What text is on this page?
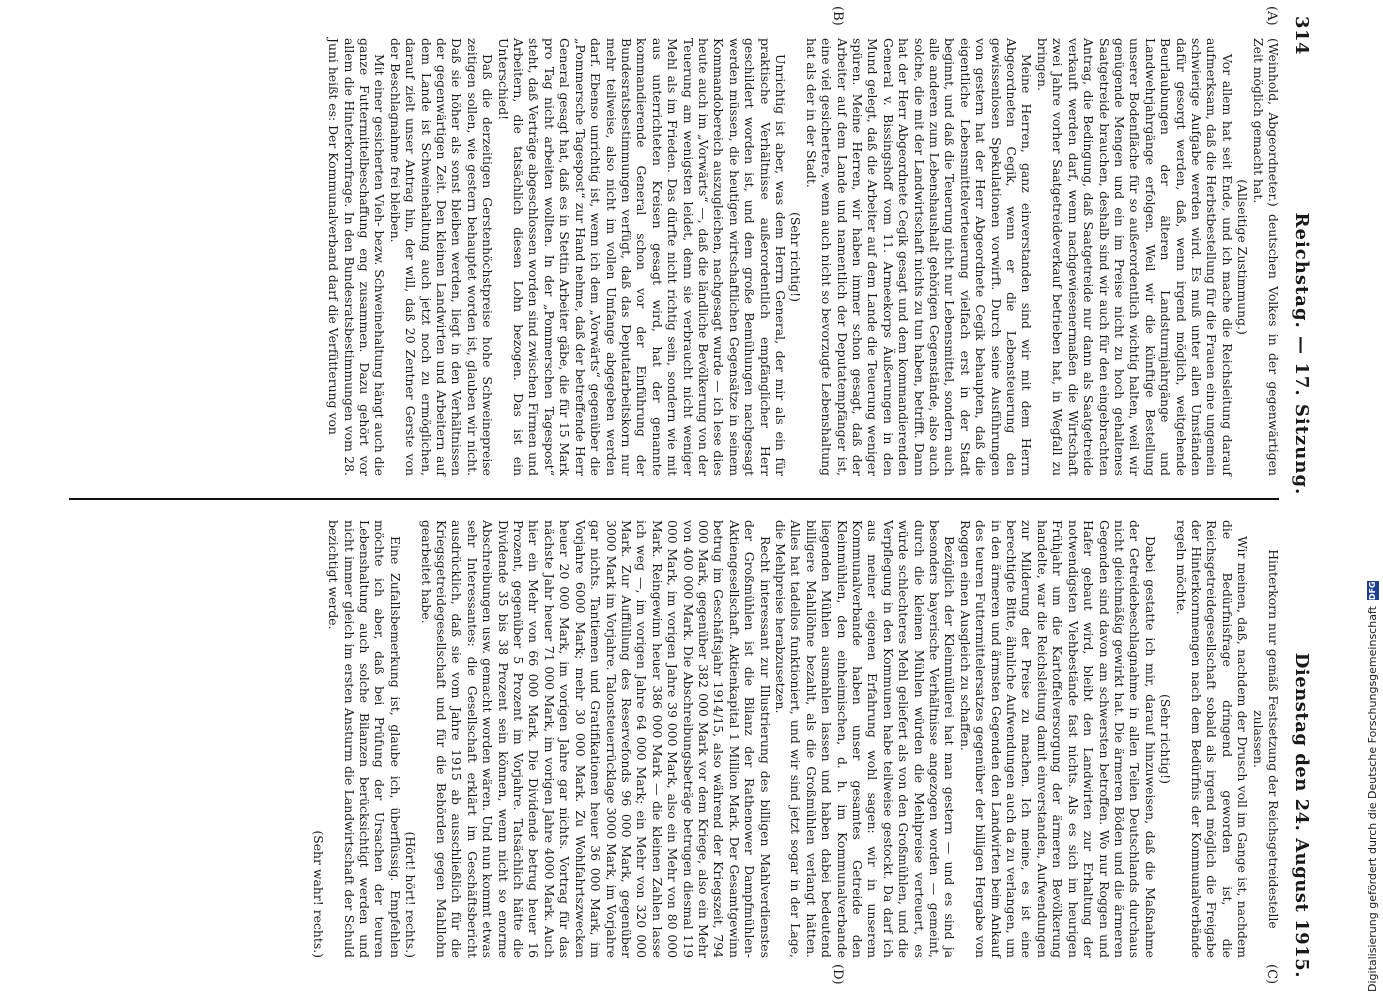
314
Reichstag. — 17. Sitzung.
Dienstag den 24. August 1915.
(A)
(B)
(C)
(D)

(Weinhold, Abgeordneter.) deutschen Volkes in der gegenwärtigen Zeit möglich gemacht hat.

(Allseitige Zustimmung.)

Vor allem hat seit Ende, und ich mache die Reichsleitung darauf aufmerksam, daß die Herbstbestellung für die Frauen eine ungemein schwierige Aufgabe werden wird. Es muß unter allen Umständen dafür gesorgt werden, daß, wenn irgend möglich, weitgehende Beurlaubungen der älteren Landsturmjahrgänge und Landwehrjahrgänge erfolgen. Weil wir die künftige Bestellung unserer Bodenfläche für so außerordentlich wichtig halten, weil wir genügende Mengen und ein im Preise nicht zu hoch gehaltenes Saatgetreide brauchen, deshalb sind wir auch für den eingebrachten Antrag, die Bedingung, daß Saatgetreide nur dann als Saatgetreide verkauft werden darf, wenn nachgewiesenermaßen die Wirtschaft zwei Jahre vorher Saatgetreideverkauf betrieben hat, in Wegfall zu bringen.

Meine Herren, ganz einverstanden sind wir mit dem Herrn Abgeordneten Cegik, wenn er die Lebensteuerung den gewissenlosen Spekulationen vorwirft. Durch seine Ausführungen von gestern hat der Herr Abgeordnete Cegik behaupten, daß die eigentliche Lebensmittelverteuerung vielfach erst in der Stadt beginnt, und daß die Teuerung nicht nur Lebensmittel, sondern auch alle anderen zum Lebenshaushalt gehörigen Gegenstände, also auch solche, die mit der Landwirtschaft nichts zu tun haben, betrifft. Dann hat der Herr Abgeordnete Cegik gesagt und dem kommandierenden General v. Bissingshoff vom 11. Armeekorps Äußerungen in den Mund gelegt, daß die Arbeiter auf dem Lande die Teuerung weniger spüren. Meine Herren, wir haben immer schon gesagt, daß der Arbeiter auf dem Lande und namentlich der Deputatempfänger ist, eine viel gesichertere, wenn auch nicht so bevorzugte Lebenshaltung hat als der in der Stadt.

(Sehr richtig!)

Unrichtig ist aber, was dem Herrn General, der mir als ein für praktische Verhältnisse außerordentlich empfänglicher Herr geschildert worden ist, und dem große Bemühungen nachgesagt werden müssen, die heutigen wirtschaftlichen Gegensätze in seinem Kommandobereich auszugleichen, nachgesagt wurde — ich lese dies heute auch im „Vorwärts“ —, daß die ländliche Bevölkerung von der Teuerung am wenigsten leidet, denn sie verbraucht nicht weniger Mehl als im Frieden. Das dürfte nicht richtig sein, sondern wie mit aus unterrichteten Kreisen gesagt wird, hat der genannte kommandierende General schon vor der Einführung der Bundesratsbestimmungen verfügt, daß das Deputatarbeitskorn nur mehr teilweise, also nicht im vollen Umfange abgegeben werden darf. Ebenso unrichtig ist, wenn ich dem „Vorwärts“ gegenüber die „Pommersche Tagespost“ zur Hand nehme, daß der betreffende Herr General gesagt hat, daß es in Stettin Arbeiter gäbe, die für 15 Mark pro Tag nicht arbeiten wollten. In der „Pommerschen Tagespost“ steht, daß Verträge abgeschlossen worden sind zwischen Firmen und Arbeitern, die tatsächlich diesen Lohn bezogen. Das ist ein Unterschied!

Daß die derzeitigen Gerstenhöchstpreise hohe Schweinepreise zeitigen sollen, wie gestern behauptet worden ist, glauben wir nicht. Daß sie höher als sonst bleiben werden, liegt in den Verhältnissen der gegenwärtigen Zeit. Den kleinen Landwirten und Arbeitern auf dem Lande ist Schweinehaltung auch jetzt noch zu ermöglichen, darauf zielt unser Antrag hin, der will, daß 20 Zentner Gerste von der Beschlagnahme frei bleiben.

Mit einer gesicherten Vieh- bezw. Schweinehaltung hängt auch die ganze Futtermittelbeschaffung eng zusammen. Dazu gehört vor allem die Hinterkornfrage. In den Bundesratsbestimmungen vom 28. Juni heißt es: Der Kommunalverband darf die Verfütterung von

Hinterkorn nur gemäß Festsetzung der Reichsgetreidestelle zulassen.

Wir meinen, daß, nachdem der Drusch voll im Gange ist, nachdem die Bedürfnisfrage dringend geworden ist, die Reichsgetreidegesellschaft sobald als irgend möglich die Freigabe der Hinterkornmengen nach dem Bedürfnis der Kommunalverbände regeln möchte.

(Sehr richtig!)

Dabei gestatte ich mir, darauf hinzuweisen, daß die Maßnahme der Getreidebeschlagnahme in allen Teilen Deutschlands durchaus nicht gleichmäßig gewirkt hat. Die ärmeren Böden und die ärmeren Gegenden sind davon am schwersten betroffen. Wo nur Roggen und Hafer gebaut wird, bleibt den Landwirten zur Erhaltung der notwendigsten Viehbestände fast nichts. Als es sich im heurigen Frühjahr um die Kartoffelversorgung der ärmeren Bevölkerung handelte, war die Reichsleitung damit einverstanden, Aufwendungen zur Milderung der Preise zu machen. Ich meine, es ist eine berechtigte Bitte, ähnliche Aufwendungen auch da zu verlangen, um in den ärmeren und ärmsten Gegenden den Landwirten beim Ankauf des teuren Futtermittelersatzes gegenüber der billigen Hergabe von Roggen einen Ausgleich zu schaffen.

Bezüglich der Kleinmüllerei hat man gestern — und es sind ja besonders bayerische Verhältnisse angezogen worden — gemeint, durch die kleinen Mühlen würden die Mehlpreise verteuert, es würde schlechteres Mehl geliefert als von den Großmühlen, und die Verpflegung in den Kommunen habe teilweise gestockt. Da darf ich aus meiner eigenen Erfahrung wohl sagen: wir in unserem Kommunalverbande haben unser gesamtes Getreide den Kleinmühlen, den einheimischen, d. h. im Kommunalverbande liegenden Mühlen ausmahlen lassen und haben dabei bedeutend billigere Mahllöhne bezahlt, als die Großmühlen verlangt hätten. Alles hat tadellos funktioniert, und wir sind jetzt sogar in der Lage, die Mehlpreise herabzusetzen.

Recht interessant zur Illustrierung des billigen Mahlverdienstes der Großmühlen ist die Bilanz der Rathenower Dampfmühlen-Aktiengesellschaft. Aktienkapital 1 Million Mark. Der Gesamtgewinn betrug im Geschäftsjahr 1914/15, also während der Kriegszeit, 794 000 Mark, gegenüber 382 000 Mark vor dem Kriege, also ein Mehr von 400 000 Mark. Die Abschreibungsbeträge betrugen diesmal 119 000 Mark, im vorigen Jahre 39 000 Mark, also ein Mehr von 80 000 Mark. Reingewinn heuer 386 000 Mark — die kleinen Zahlen lasse ich weg —, im vorigen Jahre 64 000 Mark; ein Mehr von 320 000 Mark. Zur Auffüllung des Reservefonds 96 000 Mark, gegenüber 3000 Mark im Vorjahre. Talonsteuerrücklage 3000 Mark, im Vorjahre gar nichts. Tantiemen und Gratifikationen heuer 36 000 Mark, im Vorjahre 6000 Mark; mehr 30 000 Mark. Zu Wohlfahrtszwecken heuer 20 000 Mark, im vorigen Jahre gar nichts. Vortrag für das nächste Jahr heuer 71 000 Mark, im vorigen Jahre 4000 Mark. Auch hier ein Mehr von 66 000 Mark. Die Dividende betrug heuer 16 Prozent, gegenüber 5 Prozent im Vorjahre. Tatsächlich hätte die Dividende 35 bis 38 Prozent sein können, wenn nicht so enorme Abschreibungen usw. gemacht worden wären. Und nun kommt etwas sehr Interessantes: die Gesellschaft erklärt im Geschäftsbericht ausdrücklich, daß sie vom Jahre 1915 ab ausschließlich für die Kriegsgetreidegesellschaft und für die Behörden gegen Mahllohn gearbeitet habe.

(Hört! hört! rechts.)

Eine Zufallsbemerkung ist, glaube ich, überflüssig. Empfehlen möchte ich aber, daß bei Prüfung der Ursachen der teuren Lebenshaltung auch solche Bilanzen berücksichtigt werden und nicht immer gleich im ersten Ansturm die Landwirtschaft der Schuld bezichtigt werde.

(Sehr wahr! rechts.)	Digitalisierung gefördert durch die Deutsche Forschungsgemeinschaft
DFG
